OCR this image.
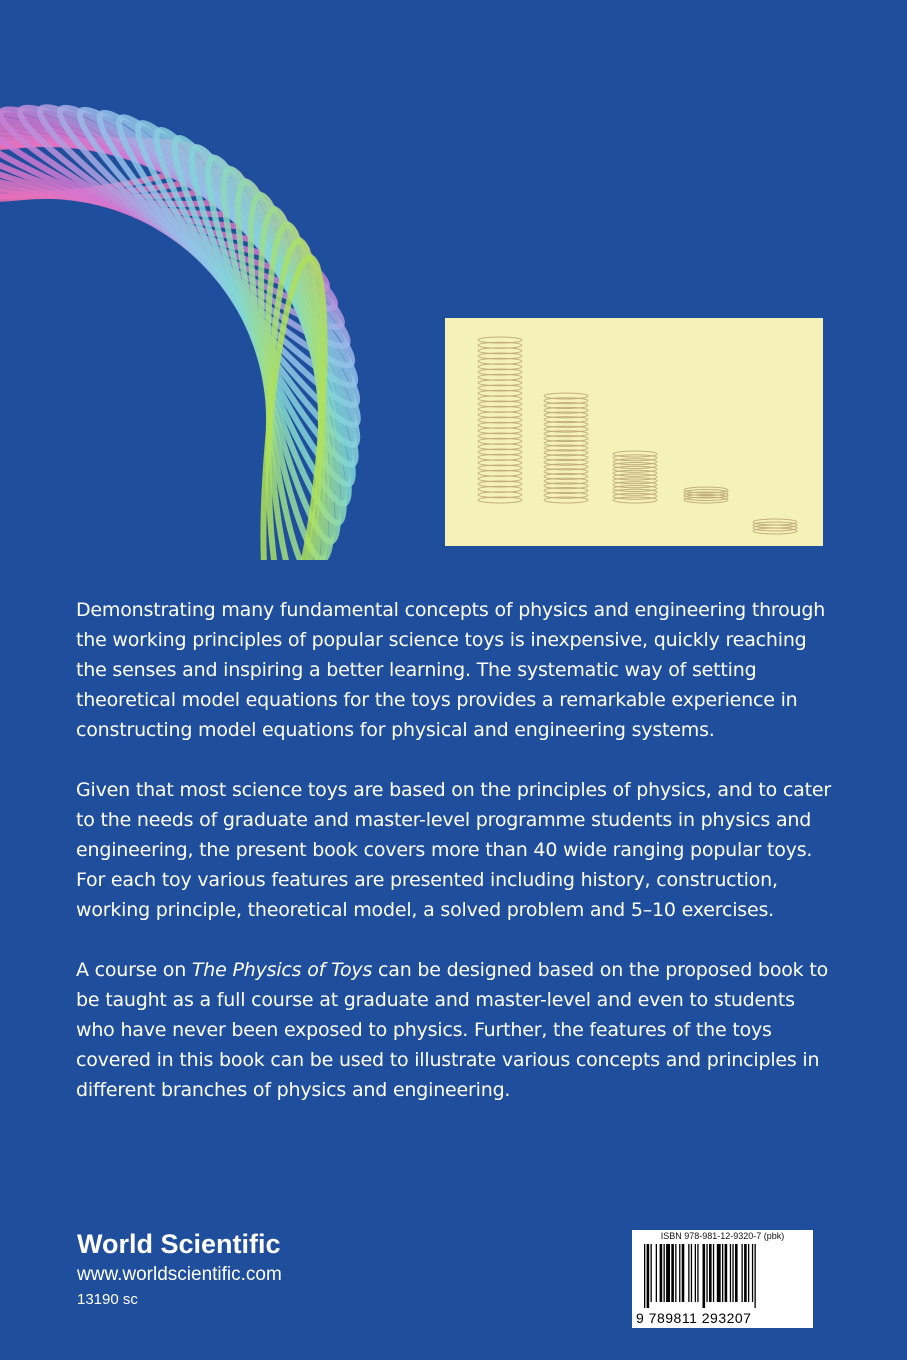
Demonstrating many fundamental concepts of physics and engineering through the working principles of popular science toys is inexpensive, quickly reaching the senses and inspiring a better learning. The systematic way of setting theoretical model equations for the toys provides a remarkable experience in constructing model equations for physical and engineering systems.

Given that most science toys are based on the principles of physics, and to cater to the needs of graduate and master-level programme students in physics and engineering, the present book covers more than 40 wide ranging popular toys. For each toy various features are presented including history, construction, working principle, theoretical model, a solved problem and 5–10 exercises.

A course on The Physics of Toys can be designed based on the proposed book to be taught as a full course at graduate and master-level and even to students who have never been exposed to physics. Further, the features of the toys covered in this book can be used to illustrate various concepts and principles in different branches of physics and engineering.

World Scientific
www.worldscientific.com
13190 sc
ISBN 978-981-12-9320-7 (pbk)
9 789811 293207
